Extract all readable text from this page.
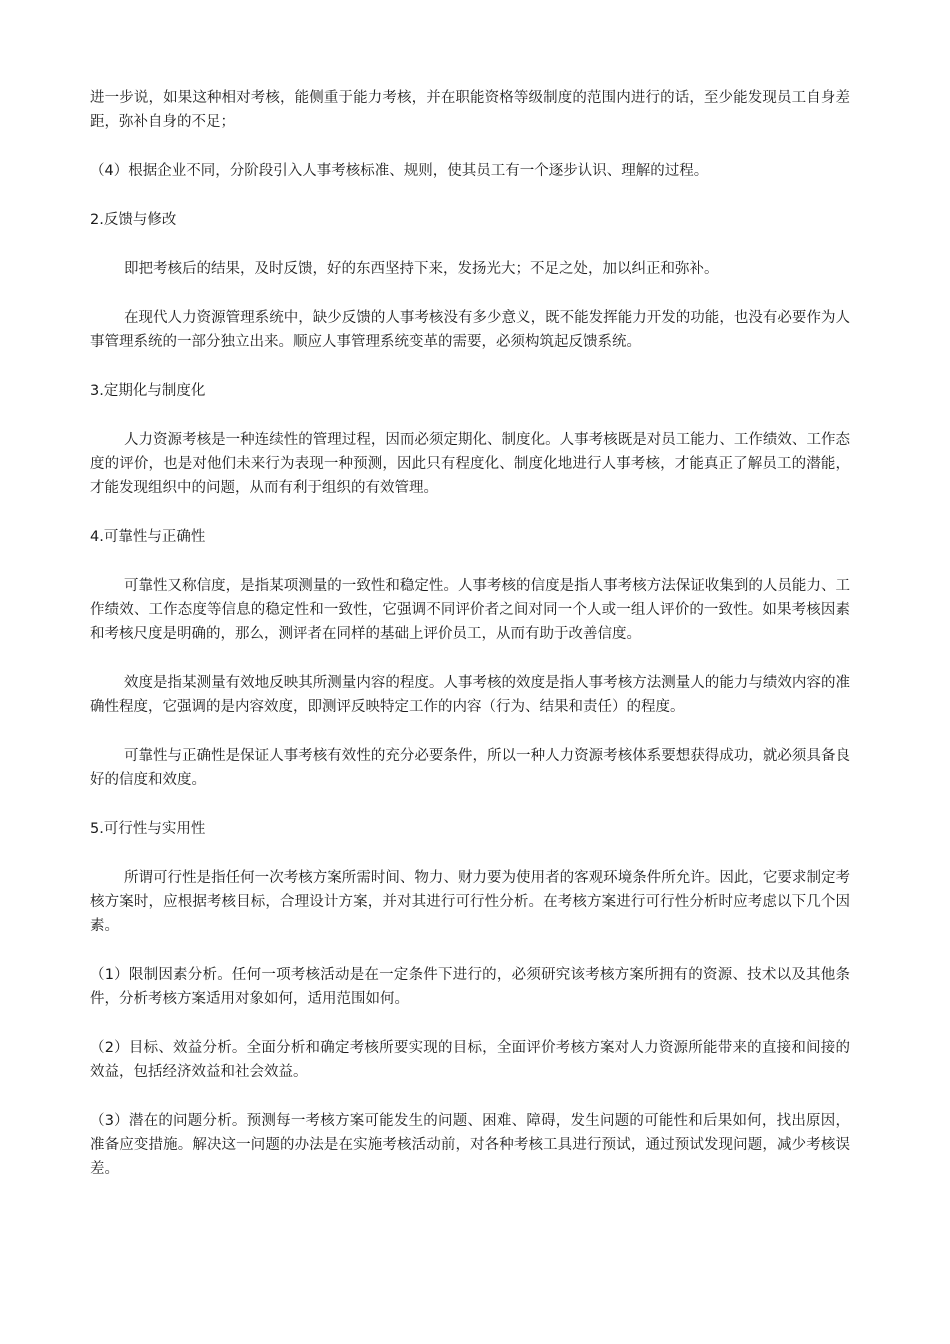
进一步说，如果这种相对考核，能侧重于能力考核，并在职能资格等级制度的范围内进行的话，至少能发现员工自身差距，弥补自身的不足；

（4）根据企业不同，分阶段引入人事考核标准、规则，使其员工有一个逐步认识、理解的过程。

2.反馈与修改

即把考核后的结果，及时反馈，好的东西坚持下来，发扬光大；不足之处，加以纠正和弥补。

在现代人力资源管理系统中，缺少反馈的人事考核没有多少意义，既不能发挥能力开发的功能，也没有必要作为人事管理系统的一部分独立出来。顺应人事管理系统变革的需要，必须构筑起反馈系统。

3.定期化与制度化

人力资源考核是一种连续性的管理过程，因而必须定期化、制度化。人事考核既是对员工能力、工作绩效、工作态度的评价，也是对他们未来行为表现一种预测，因此只有程度化、制度化地进行人事考核，才能真正了解员工的潜能，才能发现组织中的问题，从而有利于组织的有效管理。

4.可靠性与正确性

可靠性又称信度，是指某项测量的一致性和稳定性。人事考核的信度是指人事考核方法保证收集到的人员能力、工作绩效、工作态度等信息的稳定性和一致性，它强调不同评价者之间对同一个人或一组人评价的一致性。如果考核因素和考核尺度是明确的，那么，测评者在同样的基础上评价员工，从而有助于改善信度。

效度是指某测量有效地反映其所测量内容的程度。人事考核的效度是指人事考核方法测量人的能力与绩效内容的准确性程度，它强调的是内容效度，即测评反映特定工作的内容（行为、结果和责任）的程度。

可靠性与正确性是保证人事考核有效性的充分必要条件，所以一种人力资源考核体系要想获得成功，就必须具备良好的信度和效度。

5.可行性与实用性

所谓可行性是指任何一次考核方案所需时间、物力、财力要为使用者的客观环境条件所允许。因此，它要求制定考核方案时，应根据考核目标，合理设计方案，并对其进行可行性分析。在考核方案进行可行性分析时应考虑以下几个因素。

（1）限制因素分析。任何一项考核活动是在一定条件下进行的，必须研究该考核方案所拥有的资源、技术以及其他条件，分析考核方案适用对象如何，适用范围如何。

（2）目标、效益分析。全面分析和确定考核所要实现的目标，全面评价考核方案对人力资源所能带来的直接和间接的效益，包括经济效益和社会效益。

（3）潜在的问题分析。预测每一考核方案可能发生的问题、困难、障碍，发生问题的可能性和后果如何，找出原因，准备应变措施。解决这一问题的办法是在实施考核活动前，对各种考核工具进行预试，通过预试发现问题，减少考核误差。
